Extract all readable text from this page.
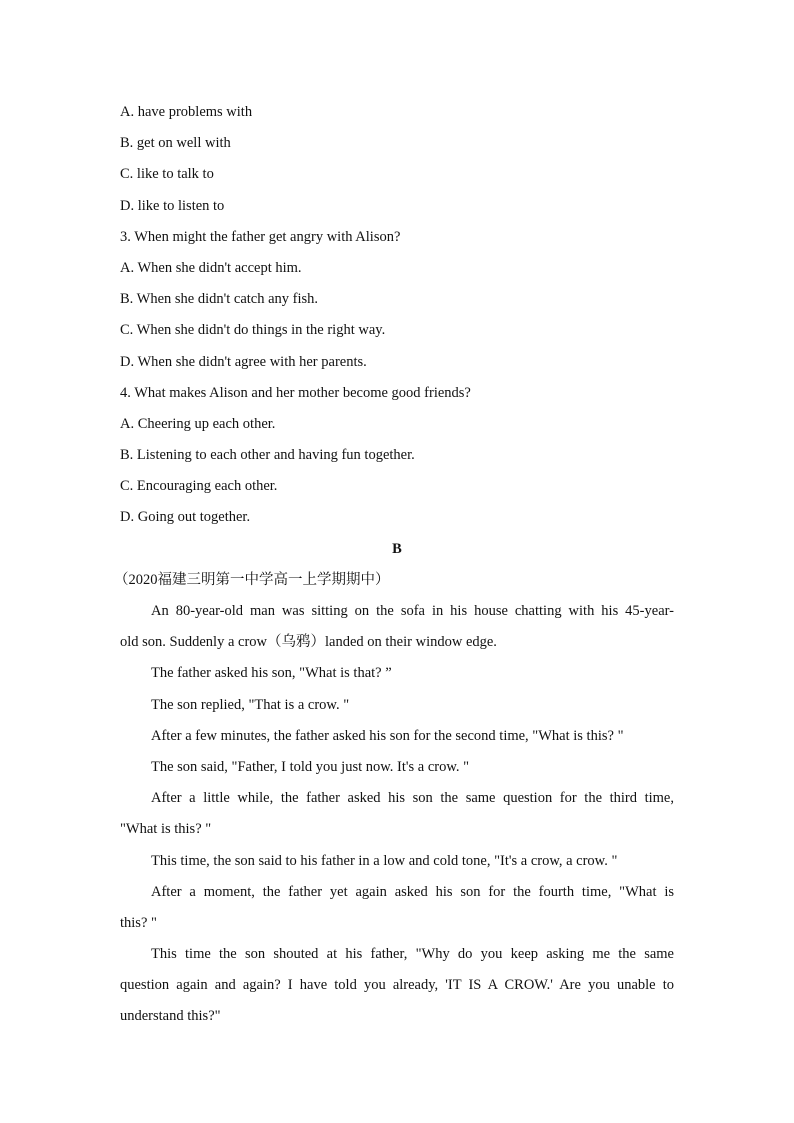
A. have problems with
B. get on well with
C. like to talk to
D. like to listen to
3. When might the father get angry with Alison?
A. When she didn't accept him.
B. When she didn't catch any fish.
C. When she didn't do things in the right way.
D. When she didn't agree with her parents.
4. What makes Alison and her mother become good friends?
A. Cheering up each other.
B. Listening to each other and having fun together.
C. Encouraging each other.
D. Going out together.
B
（2020福建三明第一中学高一上学期期中）
An 80-year-old man was sitting on the sofa in his house chatting with his 45-year-
old son. Suddenly a crow（乌鸦）landed on their window edge.
The father asked his son, "What is that? ”
The son replied, "That is a crow. "
After a few minutes, the father asked his son for the second time, "What is this? "
The son said, "Father, I told you just now. It's a crow. "
After a little while, the father asked his son the same question for the third time,
"What is this? "
This time, the son said to his father in a low and cold tone, "It's a crow, a crow. "
After a moment, the father yet again asked his son for the fourth time, "What is
this? "
This time the son shouted at his father, "Why do you keep asking me the same
question again and again? I have told you already, 'IT IS A CROW.' Are you unable to
understand this?"
